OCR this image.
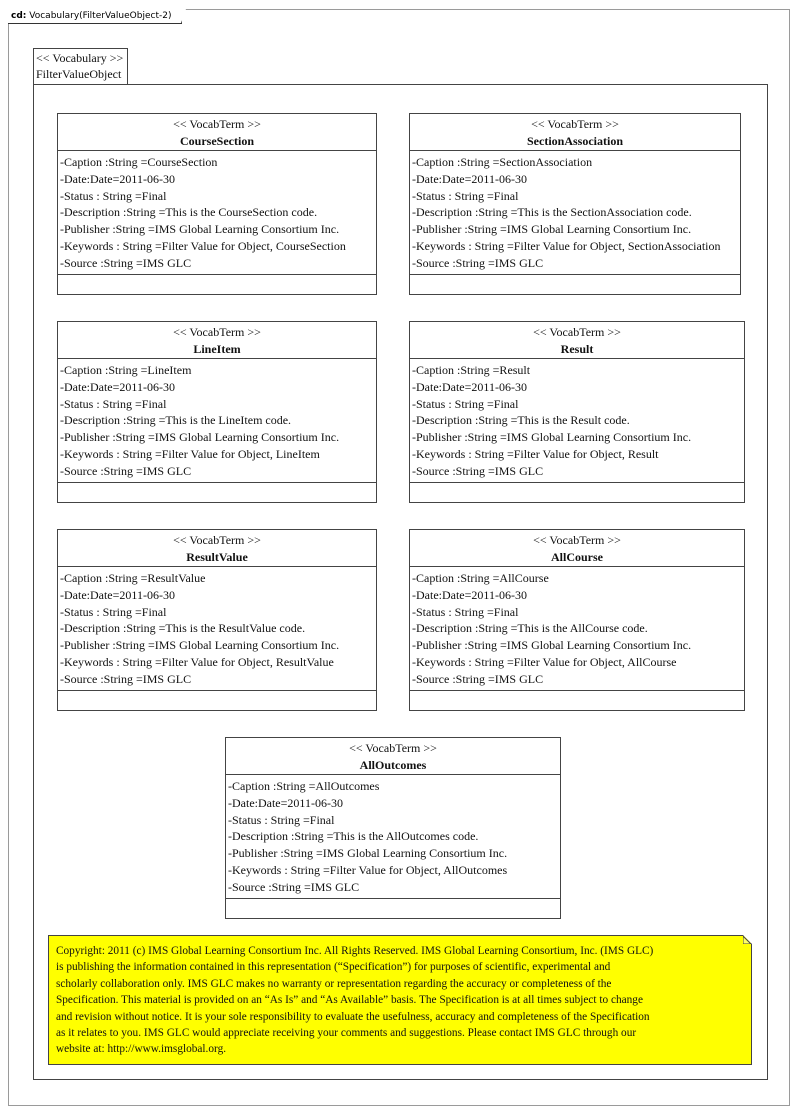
cd: Vocabulary(FilterValueObject-2)
<< Vocabulary >>
FilterValueObject
<< VocabTerm >>
CourseSection
-Caption :String =CourseSection
-Date:Date=2011-06-30
-Status : String =Final
-Description :String =This is the CourseSection code.
-Publisher :String =IMS Global Learning Consortium Inc.
-Keywords : String =Filter Value for Object, CourseSection
-Source :String =IMS GLC
<< VocabTerm >>
SectionAssociation
-Caption :String =SectionAssociation
-Date:Date=2011-06-30
-Status : String =Final
-Description :String =This is the SectionAssociation code.
-Publisher :String =IMS Global Learning Consortium Inc.
-Keywords : String =Filter Value for Object, SectionAssociation
-Source :String =IMS GLC
<< VocabTerm >>
LineItem
-Caption :String =LineItem
-Date:Date=2011-06-30
-Status : String =Final
-Description :String =This is the LineItem code.
-Publisher :String =IMS Global Learning Consortium Inc.
-Keywords : String =Filter Value for Object, LineItem
-Source :String =IMS GLC
<< VocabTerm >>
Result
-Caption :String =Result
-Date:Date=2011-06-30
-Status : String =Final
-Description :String =This is the Result code.
-Publisher :String =IMS Global Learning Consortium Inc.
-Keywords : String =Filter Value for Object, Result
-Source :String =IMS GLC
<< VocabTerm >>
ResultValue
-Caption :String =ResultValue
-Date:Date=2011-06-30
-Status : String =Final
-Description :String =This is the ResultValue code.
-Publisher :String =IMS Global Learning Consortium Inc.
-Keywords : String =Filter Value for Object, ResultValue
-Source :String =IMS GLC
<< VocabTerm >>
AllCourse
-Caption :String =AllCourse
-Date:Date=2011-06-30
-Status : String =Final
-Description :String =This is the AllCourse code.
-Publisher :String =IMS Global Learning Consortium Inc.
-Keywords : String =Filter Value for Object, AllCourse
-Source :String =IMS GLC
<< VocabTerm >>
AllOutcomes
-Caption :String =AllOutcomes
-Date:Date=2011-06-30
-Status : String =Final
-Description :String =This is the AllOutcomes code.
-Publisher :String =IMS Global Learning Consortium Inc.
-Keywords : String =Filter Value for Object, AllOutcomes
-Source :String =IMS GLC
Copyright: 2011 (c) IMS Global Learning Consortium Inc. All Rights Reserved. IMS Global Learning Consortium, Inc. (IMS GLC)
is publishing the information contained in this representation (“Specification”) for purposes of scientific, experimental and
scholarly collaboration only. IMS GLC makes no warranty or representation regarding the accuracy or completeness of the
Specification. This material is provided on an “As Is” and “As Available” basis. The Specification is at all times subject to change
and revision without notice. It is your sole responsibility to evaluate the usefulness, accuracy and completeness of the Specification
as it relates to you. IMS GLC would appreciate receiving your comments and suggestions. Please contact IMS GLC through our
website at: http://www.imsglobal.org.
